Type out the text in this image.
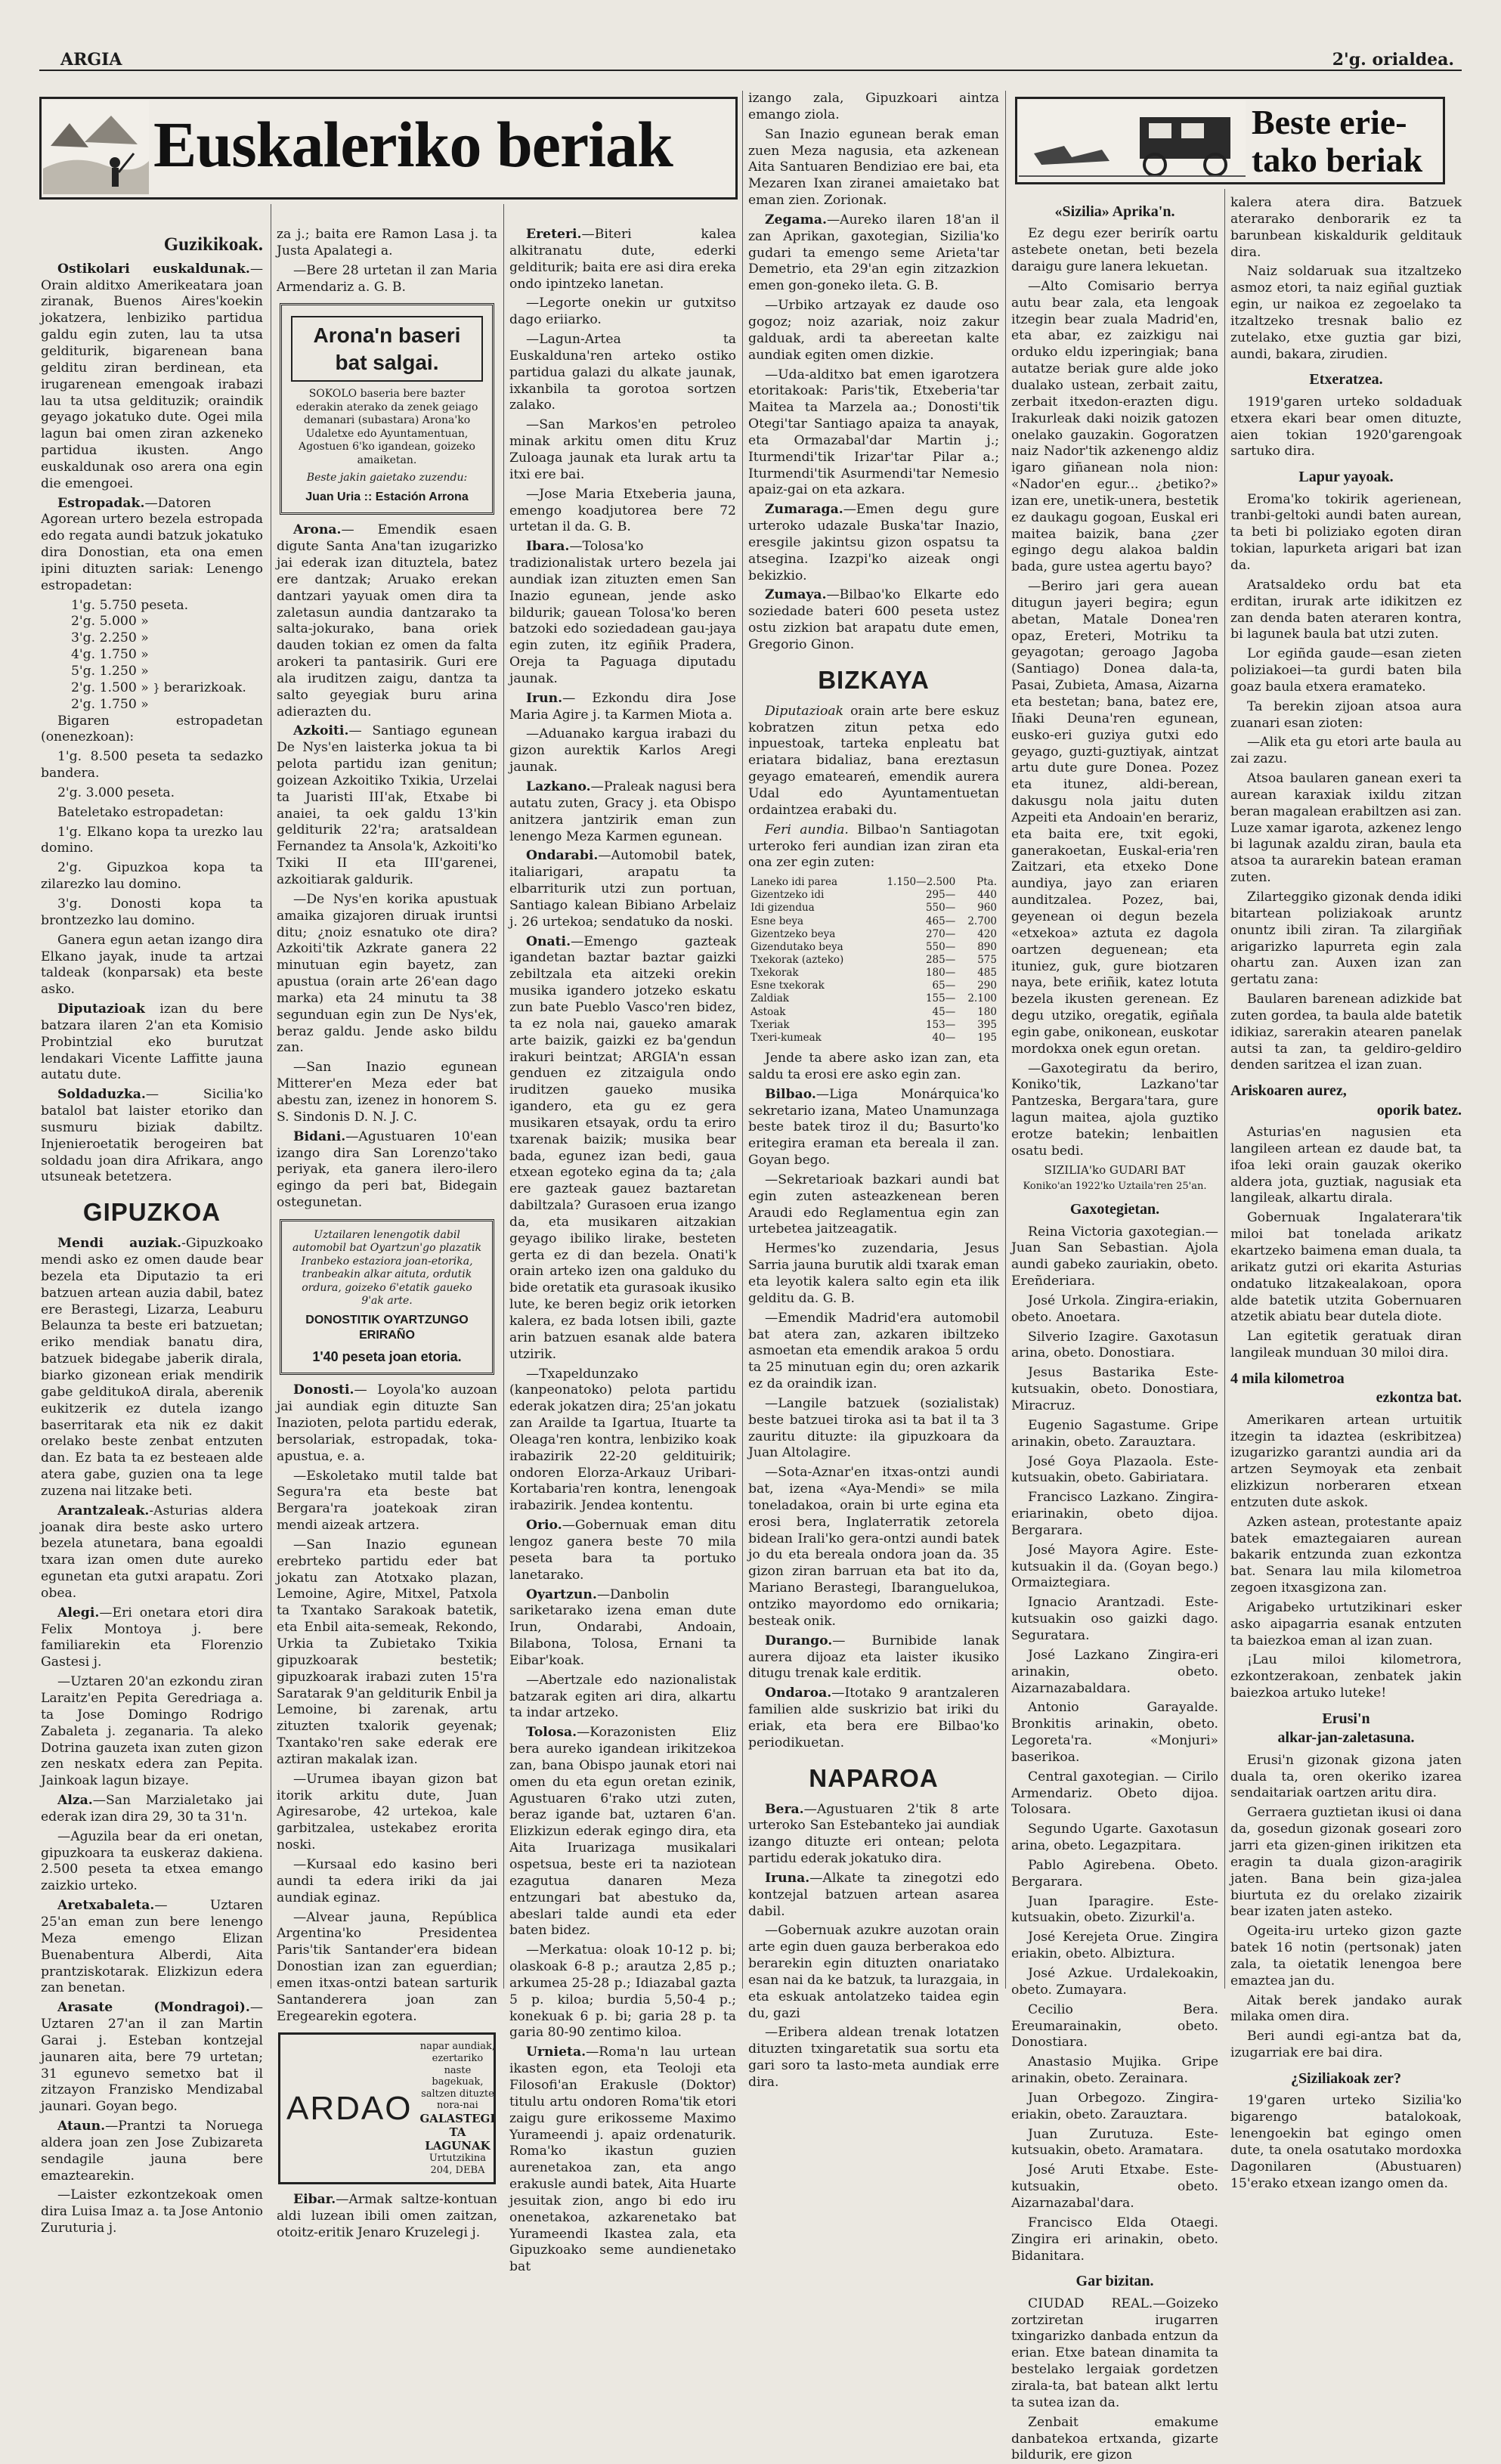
ARGIA	2'g. orialdea.
Euskaleriko beriak	Beste erie-
tako beriak
Guzikikoak.

Ostikolari euskaldunak.—Orain alditxo Amerikeatara joan ziranak, Buenos Aires'koekin jokatzera, lenbiziko partidua galdu egin zuten, lau ta utsa gelditurik, bigarenean bana gelditu ziran berdinean, eta irugarenean emengoak irabazi lau ta utsa geldituzik; oraindik geyago jokatuko dute. Ogei mila lagun bai omen ziran azkeneko partidua ikusten. Ango euskaldunak oso arera ona egin die emengoei.

Estropadak.—Datoren Agorean urtero bezela estropada edo regata aundi batzuk jokatuko dira Donostian, eta ona emen ipini dituzten sariak: Lenengo estropadetan:

1'g. 5.750 peseta.
2'g. 5.000 »
3'g. 2.250 »
4'g. 1.750 »
5'g. 1.250 »
2'g. 1.500 » } berarizkoak.
2'g. 1.750 »

Bigaren estropadetan (onenezkoan):

1'g. 8.500 peseta ta sedazko bandera.

2'g. 3.000 peseta.

Bateletako estropadetan:

1'g. Elkano kopa ta urezko lau domino.

2'g. Gipuzkoa kopa ta zilarezko lau domino.

3'g. Donosti kopa ta brontzezko lau domino.

Ganera egun aetan izango dira Elkano jayak, inude ta artzai taldeak (konparsak) eta beste asko.

Diputazioak izan du bere batzara ilaren 2'an eta Komisio Probintzial eko burutzat lendakari Vicente Laffitte jauna autatu dute.

Soldaduzka.— Sicilia'ko batalol bat laister etoriko dan susmuru biziak dabiltz. Injenieroetatik berogeiren bat soldadu joan dira Afrikara, ango utsuneak betetzera.

GIPUZKOA

Mendi auziak.-Gipuzkoako mendi asko ez omen daude bear bezela eta Diputazio ta eri batzuen artean auzia dabil, batez ere Berastegi, Lizarza, Leaburu Belaunza ta beste eri batzuetan; eriko mendiak banatu dira, batzuek bidegabe jaberik dirala, biarko gizonean eriak mendirik gabe gelditukoA dirala, aberenik eukitzerik ez dutela izango baserritarak eta nik ez dakit orelako beste zenbat entzuten dan. Ez bata ta ez besteaen alde atera gabe, guzien ona ta lege zuzena nai litzake beti.

Arantzaleak.-Asturias aldera joanak dira beste asko urtero bezela atunetara, bana egoaldi txara izan omen dute aureko egunetan eta gutxi arapatu. Zori obea.

Alegi.—Eri onetara etori dira Felix Montoya j. bere familiarekin eta Florenzio Gastesi j.

—Uztaren 20'an ezkondu ziran Laraitz'en Pepita Geredriaga a. ta Jose Domingo Rodrigo Zabaleta j. zeganaria. Ta aleko Dotrina gauzeta ixan zuten gizon zen neskatx edera zan Pepita. Jainkoak lagun bizaye.

Alza.—San Marzialetako jai ederak izan dira 29, 30 ta 31'n.

—Aguzila bear da eri onetan, gipuzkoara ta euskeraz dakiena. 2.500 peseta ta etxea emango zaizkio urteko.

Aretxabaleta.— Uztaren 25'an eman zun bere lenengo Meza emengo Elizan Buenabentura Alberdi, Aita prantziskotarak. Elizkizun edera zan benetan.

Arasate (Mondragoi).—Uztaren 27'an il zan Martin Garai j. Esteban kontzejal jaunaren aita, bere 79 urtetan; 31 egunevo semetxo bat il zitzayon Franzisko Mendizabal jaunari. Goyan bego.

Ataun.—Prantzi ta Noruega aldera joan zen Jose Zubizareta sendagile jauna bere emaztearekin.

—Laister ezkontzekoak omen dira Luisa Imaz a. ta Jose Antonio Zuruturia j.

za j.; baita ere Ramon Lasa j. ta Justa Apalategi a.

—Bere 28 urtetan il zan Maria Armendariz a. G. B.

Arona'n baseri bat salgai.
SOKOLO baseria bere bazter ederakin aterako da zenek geiago demanari (subastara) Arona'ko Udaletxe edo Ayuntamentuan, Agostuen 6'ko igandean, goizeko amaiketan.
Beste jakin gaietako zuzendu:
Juan Uria :: Estación Arrona

Arona.— Emendik esaen digute Santa Ana'tan izugarizko jai ederak izan dituztela, batez ere dantzak; Aruako erekan dantzari yayuak omen dira ta zaletasun aundia dantzarako ta salta-jokurako, bana oriek dauden tokian ez omen da falta arokeri ta pantasirik. Guri ere ala iruditzen zaigu, dantza ta salto geyegiak buru arina adierazten du.

Azkoiti.— Santiago egunean De Nys'en laisterka jokua ta bi pelota partidu izan genitun; goizean Azkoitiko Txikia, Urzelai ta Juaristi III'ak, Etxabe bi anaiei, ta oek galdu 13'kin gelditurik 22'ra; aratsaldean Fernandez ta Ansola'k, Azkoiti'ko Txiki II eta III'garenei, azkoitiarak galdurik.

—De Nys'en korika apustuak amaika gizajoren diruak iruntsi ditu; ¿noiz esnatuko ote dira? Azkoiti'tik Azkrate ganera 22 minutuan egin bayetz, zan apustua (orain arte 26'ean dago marka) eta 24 minutu ta 38 segunduan egin zun De Nys'ek, beraz galdu. Jende asko bildu zan.

—San Inazio egunean Mitterer'en Meza eder bat abestu zan, izenez in honorem S. S. Sindonis D. N. J. C.

Bidani.—Agustuaren 10'ean izango dira San Lorenzo'tako periyak, eta ganera ilero-ilero egingo da peri bat, Bidegain ostegunetan.

Uztailaren lenengotik dabil automobil bat Oyartzun'go plazatik Iranbeko estaziora joan-etorika, tranbeakin alkar aituta, ordutik ordura, goizeko 6'etatik gaueko 9'ak arte.
DONOSTITIK OYARTZUNGO ERIRAÑO
1'40 peseta joan etoria.

Donosti.— Loyola'ko auzoan jai aundiak egin dituzte San Inazioten, pelota partidu ederak, bersolariak, estropadak, toka-apustua, e. a.

—Eskoletako mutil talde bat Segura'ra eta beste bat Bergara'ra joatekoak ziran mendi aizeak artzera.

—San Inazio egunean erebrteko partidu eder bat jokatu zan Atotxako plazan, Lemoine, Agire, Mitxel, Patxola ta Txantako Sarakoak batetik, eta Enbil aita-semeak, Rekondo, Urkia ta Zubietako Txikia gipuzkoarak bestetik; gipuzkoarak irabazi zuten 15'ra Saratarak 9'an gelditurik Enbil ja Lemoine, bi zarenak, artu zituzten txalorik geyenak; Txantako'ren sake ederak ere aztiran makalak izan.

—Urumea ibayan gizon bat itorik arkitu dute, Juan Agiresarobe, 42 urtekoa, kale garbitzalea, ustekabez erorita noski.

—Kursaal edo kasino beri aundi ta edera iriki da jai aundiak eginaz.

—Alvear jauna, República Argentina'ko Presidentea Paris'tik Santander'era bidean Donostian izan zan eguerdian; emen itxas-ontzi batean sarturik Santanderera joan zan Eregearekin egotera.

ARDAO
napar aundiak, ezertariko naste bagekuak, saltzen dituzte nora-nai
GALASTEGI TA LAGUNAK
Urtutzikina 204, DEBA

Eibar.—Armak saltze-kontuan aldi luzean ibili omen zaitzan, otoitz-eritik Jenaro Kruzelegi j.

Ereteri.—Biteri kalea alkitranatu dute, ederki gelditurik; baita ere asi dira ereka ondo ipintzeko lanetan.

—Legorte onekin ur gutxitso dago eriiarko.

—Lagun-Artea ta Euskalduna'ren arteko ostiko partidua galazi du alkate jaunak, ixkanbila ta gorotoa sortzen zalako.

—San Markos'en petroleo minak arkitu omen ditu Kruz Zuloaga jaunak eta lurak artu ta itxi ere bai.

—Jose Maria Etxeberia jauna, emengo koadjutorea bere 72 urtetan il da. G. B.

Ibara.—Tolosa'ko tradizionalistak urtero bezela jai aundiak izan zituzten emen San Inazio egunean, jende asko bildurik; gauean Tolosa'ko beren batzoki edo soziedadean gau-jaya egin zuten, itz egiñik Pradera, Oreja ta Paguaga diputadu jaunak.

Irun.— Ezkondu dira Jose Maria Agire j. ta Karmen Miota a.

—Aduanako kargua irabazi du gizon aurektik Karlos Aregi jaunak.

Lazkano.—Praleak nagusi bera autatu zuten, Gracy j. eta Obispo anitzera jantzirik eman zun lenengo Meza Karmen egunean.

Ondarabi.—Automobil batek, italiarigari, arapatu ta elbarriturik utzi zun portuan, Santiago kalean Bibiano Arbelaiz j. 26 urtekoa; sendatuko da noski.

Onati.—Emengo gazteak igandetan baztar baztar gaizki zebiltzala eta aitzeki orekin musika igandero jotzeko eskatu zun bate Pueblo Vasco'ren bidez, ta ez nola nai, gaueko amarak arte baizik, gaizki ez ba'gendun irakuri beintzat; ARGIA'n essan genduen ez zitzaigula ondo iruditzen gaueko musika igandero, eta gu ez gera musikaren etsayak, ordu ta eriro txarenak baizik; musika bear bada, egunez izan bedi, gaua etxean egoteko egina da ta; ¿ala ere gazteak gauez baztaretan dabiltzala? Gurasoen erua izango da, eta musikaren aitzakian geyago ibiliko lirake, besteten gerta ez di dan bezela. Onati'k orain arteko izen ona galduko du bide oretatik eta gurasoak ikusiko lute, ke beren begiz orik ietorken kalera, ez bada lotsen ibili, gazte arin batzuen esanak alde batera utzirik.

—Txapeldunzako (kanpeonatoko) pelota partidu ederak jokatzen dira; 25'an jokatu zan Arailde ta Igartua, Ituarte ta Oleaga'ren kontra, lenbiziko koak irabazirik 22-20 geldituirik; ondoren Elorza-Arkauz Uribari-Kortabaria'ren kontra, lenengoak irabazirik. Jendea kontentu.

Orio.—Gobernuak eman ditu lengoz ganera beste 70 mila peseta bara ta portuko lanetarako.

Oyartzun.—Danbolin sariketarako izena eman dute Irun, Ondarabi, Andoain, Bilabona, Tolosa, Ernani ta Eibar'koak.

—Abertzale edo nazionalistak batzarak egiten ari dira, alkartu ta indar artzeko.

Tolosa.—Korazonisten Eliz bera aureko igandean irikitzekoa zan, bana Obispo jaunak etori nai omen du eta egun oretan ezinik, Agustuaren 6'rako utzi zuten, beraz igande bat, uztaren 6'an. Elizkizun ederak egingo dira, eta Aita Iruarizaga musikalari ospetsua, beste eri ta naziotean ezagutua danaren Meza entzungari bat abestuko da, abeslari talde aundi eta eder baten bidez.

—Merkatua: oloak 10-12 p. bi; olaskoak 6-8 p.; arautza 2,85 p.; arkumea 25-28 p.; Idiazabal gazta 5 p. kiloa; burdia 5,50-4 p.; konekuak 6 p. bi; garia 28 p. ta garia 80-90 zentimo kiloa.

Urnieta.—Roma'n lau urtean ikasten egon, eta Teoloji eta Filosofi'an Erakusle (Doktor) titulu artu ondoren Roma'tik etori zaigu gure erikosseme Maximo Yurameendi j. apaiz ordenaturik. Roma'ko ikastun guzien aurenetakoa zan, eta ango erakusle aundi batek, Aita Huarte jesuitak zion, ango bi edo iru onenetakoa, azkarenetako bat Yurameendi Ikastea zala, eta Gipuzkoako seme aundienetako bat

izango zala, Gipuzkoari aintza emango ziola.

San Inazio egunean berak eman zuen Meza nagusia, eta azkenean Aita Santuaren Bendiziao ere bai, eta Mezaren Ixan ziranei amaietako bat eman zien. Zorionak.

Zegama.—Aureko ilaren 18'an il zan Aprikan, gaxotegian, Sizilia'ko gudari ta emengo seme Arieta'tar Demetrio, eta 29'an egin zitzazkion emen gon-goneko ileta. G. B.

—Urbiko artzayak ez daude oso gogoz; noiz azariak, noiz zakur galduak, ardi ta abereetan kalte aundiak egiten omen dizkie.

—Uda-alditxo bat emen igarotzera etoritakoak: Paris'tik, Etxeberia'tar Maitea ta Marzela aa.; Donosti'tik Otegi'tar Santiago apaiza ta anayak, eta Ormazabal'dar Martin j.; Iturmendi'tik Irizar'tar Pilar a.; Iturmendi'tik Asurmendi'tar Nemesio apaiz-gai on eta azkara.

Zumaraga.—Emen degu gure urteroko udazale Buska'tar Inazio, eresgile jakintsu gizon ospatsu ta atsegina. Izazpi'ko aizeak ongi bekizkio.

Zumaya.—Bilbao'ko Elkarte edo soziedade bateri 600 peseta ustez ostu zizkion bat arapatu dute emen, Gregorio Ginon.

BIZKAYA

Diputazioak orain arte bere eskuz kobratzen zitun petxa edo inpuestoak, tarteka enpleatu bat eriatara bidaliaz, bana ereztasun geyago emateareń, emendik aurera Udal edo Ayuntamentuetan ordaintzea erabaki du.

Feri aundia. Bilbao'n Santiagotan urteroko feri aundian izan ziran eta ona zer egin zuten:

Laneko idi parea	1.150—2.500	Pta.
Gizentzeko idi	295—	440
Idi gizendua	550—	960
Esne beya	465—	2.700
Gizentzeko beya	270—	420
Gizendutako beya	550—	890
Txekorak (azteko)	285—	575
Txekorak	180—	485
Esne txekorak	65—	290
Zaldiak	155—	2.100
Astoak	45—	180
Txeriak	153—	395
Txeri-kumeak	40—	195

Jende ta abere asko izan zan, eta saldu ta erosi ere asko egin zan.

Bilbao.—Liga Monárquica'ko sekretario izana, Mateo Unamunzaga beste batek tiroz il du; Basurto'ko eritegira eraman eta bereala il zan. Goyan bego.

—Sekretarioak bazkari aundi bat egin zuten asteazkenean beren Araudi edo Reglamentua egin zan urtebetea jaitzeagatik.

Hermes'ko zuzendaria, Jesus Sarria jauna burutik aldi txarak eman eta leyotik kalera salto egin eta ilik gelditu da. G. B.

—Emendik Madrid'era automobil bat atera zan, azkaren ibiltzeko asmoetan eta emendik arakoa 5 ordu ta 25 minutuan egin du; oren azkarik ez da oraindik izan.

—Langile batzuek (sozialistak) beste batzuei tiroka asi ta bat il ta 3 zauritu dituzte: ila gipuzkoara da Juan Altolagire.

—Sota-Aznar'en itxas-ontzi aundi bat, izena «Aya-Mendi» se mila toneladakoa, orain bi urte egina eta erosi bera, Inglaterratik zetorela bidean Irali'ko gera-ontzi aundi batek jo du eta bereala ondora joan da. 35 gizon ziran barruan eta bat ito da, Mariano Berastegi, Ibaranguelukoa, ontziko mayordomo edo ornikaria; besteak onik.

Durango.— Burnibide lanak aurera dijoaz eta laister ikusiko ditugu trenak kale erditik.

Ondaroa.—Itotako 9 arantzaleren familien alde suskrizio bat iriki du eriak, eta bera ere Bilbao'ko periodikuetan.

NAPAROA

Bera.—Agustuaren 2'tik 8 arte urteroko San Estebanteko jai aundiak izango dituzte eri ontean; pelota partidu ederak jokatuko dira.

Iruna.—Alkate ta zinegotzi edo kontzejal batzuen artean asarea dabil.

—Gobernuak azukre auzotan orain arte egin duen gauza berberakoa edo berarekin egin dituzten onariatako esan nai da ke batzuk, ta lurazgaia, in eta eskuak antolatzeko taidea egin du, gazi

—Eribera aldean trenak lotatzen dituzten txingaretatik sua sortu eta gari soro ta lasto-meta aundiak erre dira.

«Sizilia» Aprika'n.

Ez degu ezer berirík oartu astebete onetan, beti bezela daraigu gure lanera lekuetan.

—Alto Comisario berrya autu bear zala, eta lengoak itzegin bear zuala Madrid'en, eta abar, ez zaizkigu nai orduko eldu izperingiak; bana autatze beriak gure alde joko dualako ustean, zerbait zaitu, zerbait itxedon-erazten digu. Irakurleak daki noizik gatozen onelako gauzakin. Gogoratzen naiz Nador'tik azkenengo aldiz igaro giñanean nola nion: «Nador'en egur... ¿betiko?» izan ere, unetik-unera, bestetik ez daukagu gogoan, Euskal eri maitea baizik, bana ¿zer egingo degu alakoa baldin bada, gure ustea agertu bayo?

—Beriro jari gera auean ditugun jayeri begira; egun abetan, Matale Donea'ren opaz, Ereteri, Motriku ta geyagotan; geroago Jagoba (Santiago) Donea dala-ta, Pasai, Zubieta, Amasa, Aizarna eta bestetan; bana, batez ere, Iñaki Deuna'ren egunean, eusko-eri guziya gutxi edo geyago, guzti-guztiyak, aintzat artu dute gure Donea. Pozez eta itunez, aldi-berean, dakusgu nola jaitu duten Azpeiti eta Andoain'en berariz, eta baita ere, txit egoki, ganerakoetan, Euskal-eria'ren Zaitzari, eta etxeko Done aundiya, jayo zan eriaren aunditzalea. Pozez, bai, geyenean oi degun bezela «etxekoa» aztuta ez dagola oartzen deguenean; eta ituniez, guk, gure biotzaren naya, bete eriñik, katez lotuta bezela ikusten gerenean. Ez degu utziko, oregatik, egiñala egin gabe, onikonean, euskotar mordokxa onek egun oretan.

—Gaxotegiratu da beriro, Koniko'tik, Lazkano'tar Pantzeska, Bergara'tara, gure lagun maitea, ajola guztiko erotze batekin; lenbaitlen osatu bedi.

SIZILIA'ko GUDARI BAT

Koniko'an 1922'ko Uztaila'ren 25'an.

Gaxotegietan.

Reina Victoria gaxotegian.—Juan San Sebastian. Ajola aundi gabeko zauriakin, obeto. Ereñderiara.

José Urkola. Zingira-eriakin, obeto. Anoetara.

Silverio Izagire. Gaxotasun arina, obeto. Donostiara.

Jesus Bastarika Este-kutsuakin, obeto. Donostiara, Miracruz.

Eugenio Sagastume. Gripe arinakin, obeto. Zarauztara.

José Goya Plazaola. Este-kutsuakin, obeto. Gabiriatara.

Francisco Lazkano. Zingira-eriarinakin, obeto dijoa. Bergarara.

José Mayora Agire. Este-kutsuakin il da. (Goyan bego.) Ormaiztegiara.

Ignacio Arantzadi. Este-kutsuakin oso gaizki dago. Seguratara.

José Lazkano Zingira-eri arinakin, obeto. Aizarnazabaldara.

Antonio Garayalde. Bronkitis arinakin, obeto. Legoreta'ra. «Monjuri» baserikoa.

Central gaxotegian. — Cirilo Armendariz. Obeto dijoa. Tolosara.

Segundo Ugarte. Gaxotasun arina, obeto. Legazpitara.

Pablo Agirebena. Obeto. Bergarara.

Juan Iparagire. Este-kutsuakin, obeto. Zizurkil'a.

José Kerejeta Orue. Zingira eriakin, obeto. Albiztura.

José Azkue. Urdalekoakin, obeto. Zumayara.

Cecilio Bera. Ereumarainakin, obeto. Donostiara.

Anastasio Mujika. Gripe arinakin, obeto. Zerainara.

Juan Orbegozo. Zingira-eriakin, obeto. Zarauztara.

Juan Zurutuza. Este-kutsuakin, obeto. Aramatara.

José Aruti Etxabe. Este-kutsuakin, obeto. Aizarnazabal'dara.

Francisco Elda Otaegi. Zingira eri arinakin, obeto. Bidanitara.

Gar bizitan.

CIUDAD REAL.—Goizeko zortziretan irugarren txingarizko danbada entzun da erian. Etxe batean dinamita ta bestelako lergaiak gordetzen zirala-ta, bat batean alkt lertu ta sutea izan da.

Zenbait emakume danbatekoa ertxanda, gizarte bildurik, ere gizon

kalera atera dira. Batzuek aterarako denborarik ez ta barunbean kiskaldurik gelditauk dira.

Naiz soldaruak sua itzaltzeko asmoz etori, ta naiz egiñal guztiak egin, ur naikoa ez zegoelako ta itzaltzeko tresnak balio ez zutelako, etxe guztia gar bizi, aundi, bakara, zirudien.

Etxeratzea.

1919'garen urteko soldaduak etxera ekari bear omen dituzte, aien tokian 1920'garengoak sartuko dira.

Lapur yayoak.

Eroma'ko tokirik agerienean, tranbi-geltoki aundi baten aurean, ta beti bi poliziako egoten diran tokian, lapurketa arigari bat izan da.

Aratsaldeko ordu bat eta erditan, irurak arte idikitzen ez zan denda baten ateraren kontra, bi lagunek baula bat utzi zuten.

Lor egiñda gaude—esan zieten poliziakoei—ta gurdi baten bila goaz baula etxera eramateko.

Ta berekin zijoan atsoa aura zuanari esan zioten:

—Alik eta gu etori arte baula au zai zazu.

Atsoa baularen ganean exeri ta aurean karaxiak ixildu zitzan beran magalean erabiltzen asi zan. Luze xamar igarota, azkenez lengo bi lagunak azaldu ziran, baula eta atsoa ta aurarekin batean eraman zuten.

Zilarteggiko gizonak denda idiki bitartean poliziakoak aruntz onuntz ibili ziran. Ta zilargiñak arigarizko lapurreta egin zala ohartu zan. Auxen izan zan gertatu zana:

Baularen barenean adizkide bat zuten gordea, ta baula alde batetik idikiaz, sarerakin atearen panelak autsi ta zan, ta geldiro-geldiro denden saritzea el izan zuan.

Ariskoaren aurez,
oporik batez.

Asturias'en nagusien eta langileen artean ez daude bat, ta ifoa leki orain gauzak okeriko aldera jota, guztiak, nagusiak eta langileak, alkartu dirala.

Gobernuak Ingalaterara'tik miloi bat tonelada arikatz ekartzeko baimena eman duala, ta arikatz gutzi ori ekarita Asturias ondatuko litzakealakoan, opora alde batetik utzita Gobernuaren atzetik abiatu bear dutela diote.

Lan egitetik geratuak diran langileak munduan 30 miloi dira.

4 mila kilometroa
ezkontza bat.

Amerikaren artean urtuitik itzegin ta idaztea (eskribitzea) izugarizko garantzi aundia ari da artzen Seymoyak eta zenbait elizkizun norberaren etxean entzuten dute askok.

Azken astean, protestante apaiz batek emaztegaiaren aurean bakarik entzunda zuan ezkontza bat. Senara lau mila kilometroa zegoen itxasgizona zan.

Arigabeko urtutzikinari esker asko aipagarria esanak entzuten ta baiezkoa eman al izan zuan.

¡Lau miloi kilometrora, ezkontzerakoan, zenbatek jakin baiezkoa artuko luteke!

Erusi'n
alkar-jan-zaletasuna.

Erusi'n gizonak gizona jaten duala ta, oren okeriko izarea sendaitariak oartzen aritu dira.

Gerraera guztietan ikusi oi dana da, gosedun gizonak goseari zoro jarri eta gizen-ginen irikitzen eta eragin ta duala gizon-aragirik jaten. Bana bein giza-jalea biurtuta ez du orelako zizairik bear izaten jaten asteko.

Ogeita-iru urteko gizon gazte batek 16 notin (pertsonak) jaten zala, ta oietatik lenengoa bere emaztea jan du.

Aitak berek jandako aurak milaka omen dira.

Beri aundi egi-antza bat da, izugarriak ere bai dira.

¿Siziliakoak zer?

19'garen urteko Sizilia'ko bigarengo batalokoak, lenengoekin bat egingo omen dute, ta onela osatutako mordoxka Dagonilaren (Abustuaren) 15'erako etxean izango omen da.
